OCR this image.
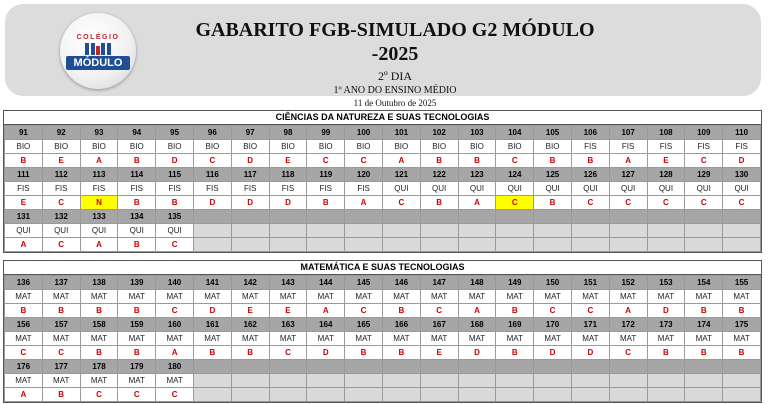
COLÉGIO
MÓDULO
GABARITO FGB-SIMULADO G2 MÓDULO -2025
2º DIA
1º ANO DO ENSINO MÉDIO
11 de Outubro de 2025
CIÊNCIAS DA NATUREZA E SUAS TECNOLOGIAS
91	92	93	94	95	96	97	98	99	100	101	102	103	104	105	106	107	108	109	110
BIO	BIO	BIO	BIO	BIO	BIO	BIO	BIO	BIO	BIO	BIO	BIO	BIO	BIO	BIO	FIS	FIS	FIS	FIS	FIS
B	E	A	B	D	C	D	E	C	C	A	B	B	C	B	B	A	E	C	D
111	112	113	114	115	116	117	118	119	120	121	122	123	124	125	126	127	128	129	130
FIS	FIS	FIS	FIS	FIS	FIS	FIS	FIS	FIS	FIS	QUI	QUI	QUI	QUI	QUI	QUI	QUI	QUI	QUI	QUI
E	C	N	B	B	D	D	D	B	A	C	B	A	C	B	C	C	C	C	C
131	132	133	134	135															
QUI	QUI	QUI	QUI	QUI															
A	C	A	B	C															
MATEMÁTICA E SUAS TECNOLOGIAS
136	137	138	139	140	141	142	143	144	145	146	147	148	149	150	151	152	153	154	155
MAT	MAT	MAT	MAT	MAT	MAT	MAT	MAT	MAT	MAT	MAT	MAT	MAT	MAT	MAT	MAT	MAT	MAT	MAT	MAT
B	B	B	B	C	D	E	E	A	C	B	C	A	B	C	C	A	D	B	B
156	157	158	159	160	161	162	163	164	165	166	167	168	169	170	171	172	173	174	175
MAT	MAT	MAT	MAT	MAT	MAT	MAT	MAT	MAT	MAT	MAT	MAT	MAT	MAT	MAT	MAT	MAT	MAT	MAT	MAT
C	C	B	B	A	B	B	C	D	B	B	E	D	B	D	D	C	B	B	B
176	177	178	179	180															
MAT	MAT	MAT	MAT	MAT															
A	B	C	C	C															
